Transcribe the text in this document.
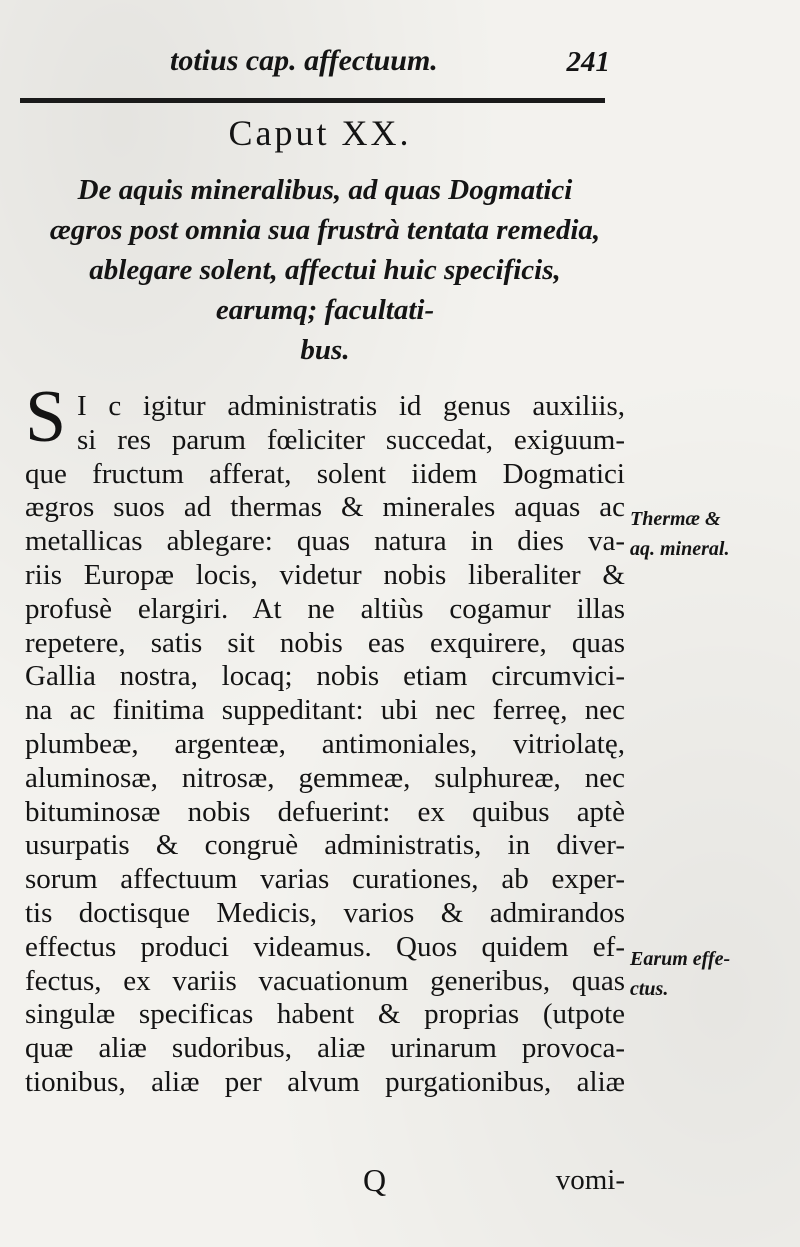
totius cap. affectuum.	241
Caput XX.
De aquis mineralibus, ad quas Dogmatici
ægros post omnia sua frustrà tentata remedia,
ablegare solent, affectui huic specificis,
earumq; facultati-
bus.
S I c igitur administratis id genus auxiliis,
si res parum fœliciter succedat, exiguum-
que fructum afferat, solent iidem Dogmatici
ægros suos ad thermas & minerales aquas ac
metallicas ablegare: quas natura in dies va-
riis Europæ locis, videtur nobis liberaliter &
profusè elargiri. At ne altiùs cogamur illas
repetere, satis sit nobis eas exquirere, quas
Gallia nostra, locaq; nobis etiam circumvici-
na ac finitima suppeditant: ubi nec ferreę, nec
plumbeæ, argenteæ, antimoniales, vitriolatę,
aluminosæ, nitrosæ, gemmeæ, sulphureæ, nec
bituminosæ nobis defuerint: ex quibus aptè
usurpatis & congruè administratis, in diver-
sorum affectuum varias curationes, ab exper-
tis doctisque Medicis, varios & admirandos
effectus produci videamus. Quos quidem ef-
fectus, ex variis vacuationum generibus, quas
singulæ specificas habent & proprias (utpote
quæ aliæ sudoribus, aliæ urinarum provoca-
tionibus, aliæ per alvum purgationibus, aliæ
Thermæ &
aq. mineral.
Earum effe-
ctus.
Q	vomi-
